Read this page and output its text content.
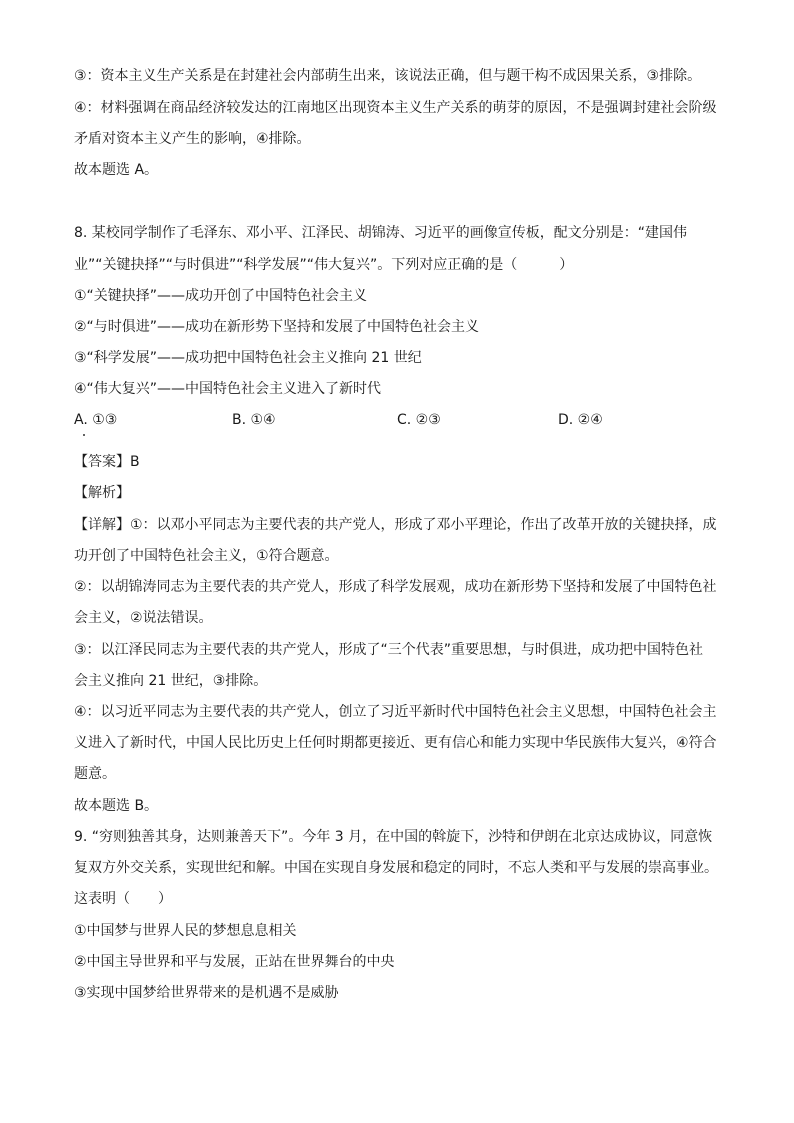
③：资本主义生产关系是在封建社会内部萌生出来，该说法正确，但与题干构不成因果关系，③排除。
④：材料强调在商品经济较发达的江南地区出现资本主义生产关系的萌芽的原因，不是强调封建社会阶级
矛盾对资本主义产生的影响，④排除。
故本题选 A。
8. 某校同学制作了毛泽东、邓小平、江泽民、胡锦涛、习近平的画像宣传板，配文分别是：“建国伟
业”“关键抉择”“与时俱进”“科学发展”“伟大复兴”。下列对应正确的是（　　　）
①“关键抉择”——成功开创了中国特色社会主义
②“与时俱进”——成功在新形势下坚持和发展了中国特色社会主义
③“科学发展”——成功把中国特色社会主义推向 21 世纪
④“伟大复兴”——中国特色社会主义进入了新时代
A. ①③	B. ①④	C. ②③	D. ②④
【答案】B
【解析】
【详解】①：以邓小平同志为主要代表的共产党人，形成了邓小平理论，作出了改革开放的关键抉择，成
功开创了中国特色社会主义，①符合题意。
②：以胡锦涛同志为主要代表的共产党人，形成了科学发展观，成功在新形势下坚持和发展了中国特色社
会主义，②说法错误。
③：以江泽民同志为主要代表的共产党人，形成了“三个代表”重要思想，与时俱进，成功把中国特色社
会主义推向 21 世纪，③排除。
④：以习近平同志为主要代表的共产党人，创立了习近平新时代中国特色社会主义思想，中国特色社会主
义进入了新时代，中国人民比历史上任何时期都更接近、更有信心和能力实现中华民族伟大复兴，④符合
题意。
故本题选 B。
9. “穷则独善其身，达则兼善天下”。今年 3 月，在中国的斡旋下，沙特和伊朗在北京达成协议，同意恢
复双方外交关系，实现世纪和解。中国在实现自身发展和稳定的同时，不忘人类和平与发展的崇高事业。
这表明（　　）
①中国梦与世界人民的梦想息息相关
②中国主导世界和平与发展，正站在世界舞台的中央
③实现中国梦给世界带来的是机遇不是威胁
